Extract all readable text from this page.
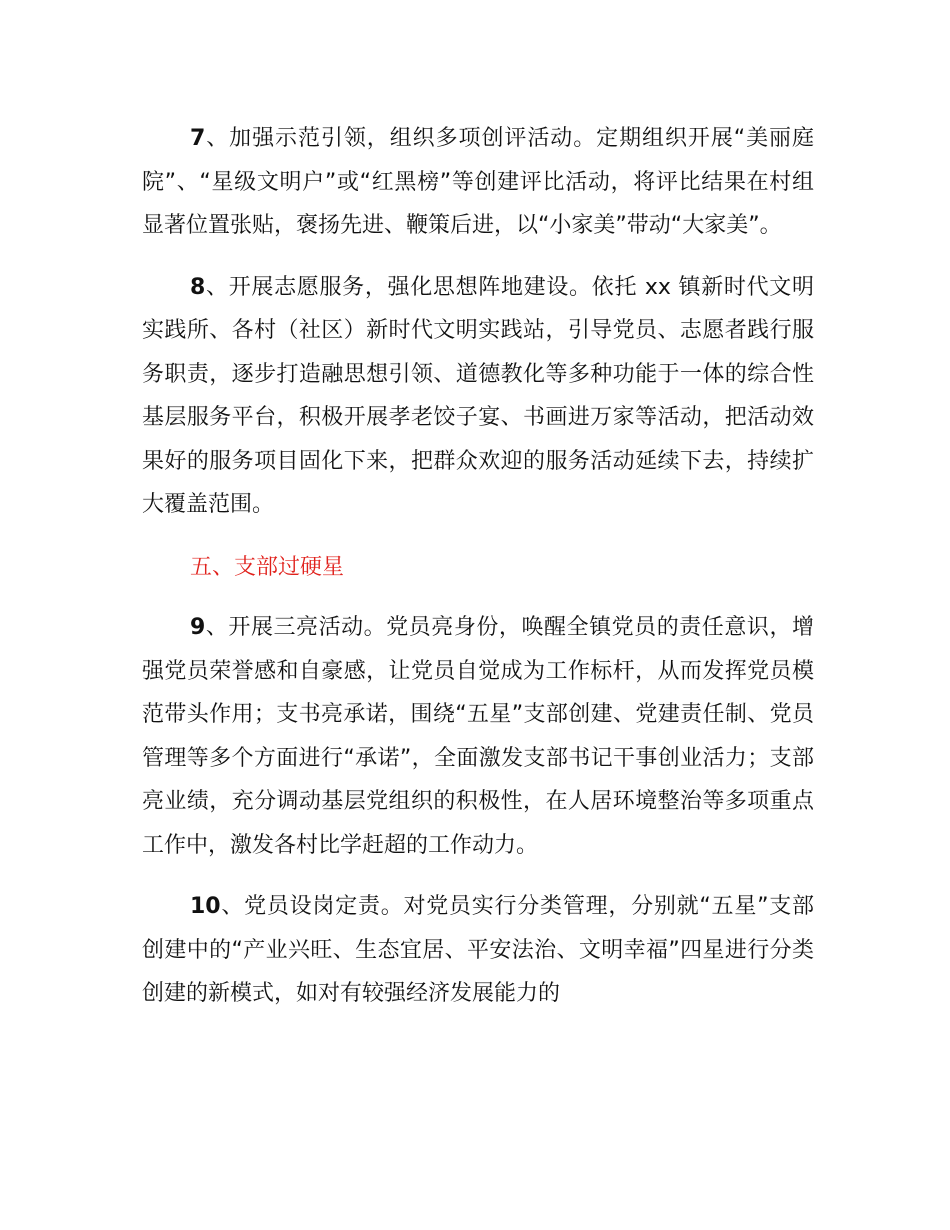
7、加强示范引领，组织多项创评活动。定期组织开展“美丽庭院”、“星级文明户”或“红黑榜”等创建评比活动，将评比结果在村组显著位置张贴，褒扬先进、鞭策后进，以“小家美”带动“大家美”。

8、开展志愿服务，强化思想阵地建设。依托 xx 镇新时代文明实践所、各村（社区）新时代文明实践站，引导党员、志愿者践行服务职责，逐步打造融思想引领、道德教化等多种功能于一体的综合性基层服务平台，积极开展孝老饺子宴、书画进万家等活动，把活动效果好的服务项目固化下来，把群众欢迎的服务活动延续下去，持续扩大覆盖范围。

五、支部过硬星

9、开展三亮活动。党员亮身份，唤醒全镇党员的责任意识，增强党员荣誉感和自豪感，让党员自觉成为工作标杆，从而发挥党员模范带头作用；支书亮承诺，围绕“五星”支部创建、党建责任制、党员管理等多个方面进行“承诺”，全面激发支部书记干事创业活力；支部亮业绩，充分调动基层党组织的积极性，在人居环境整治等多项重点工作中，激发各村比学赶超的工作动力。

10、党员设岗定责。对党员实行分类管理，分别就“五星”支部创建中的“产业兴旺、生态宜居、平安法治、文明幸福”四星进行分类创建的新模式，如对有较强经济发展能力的
